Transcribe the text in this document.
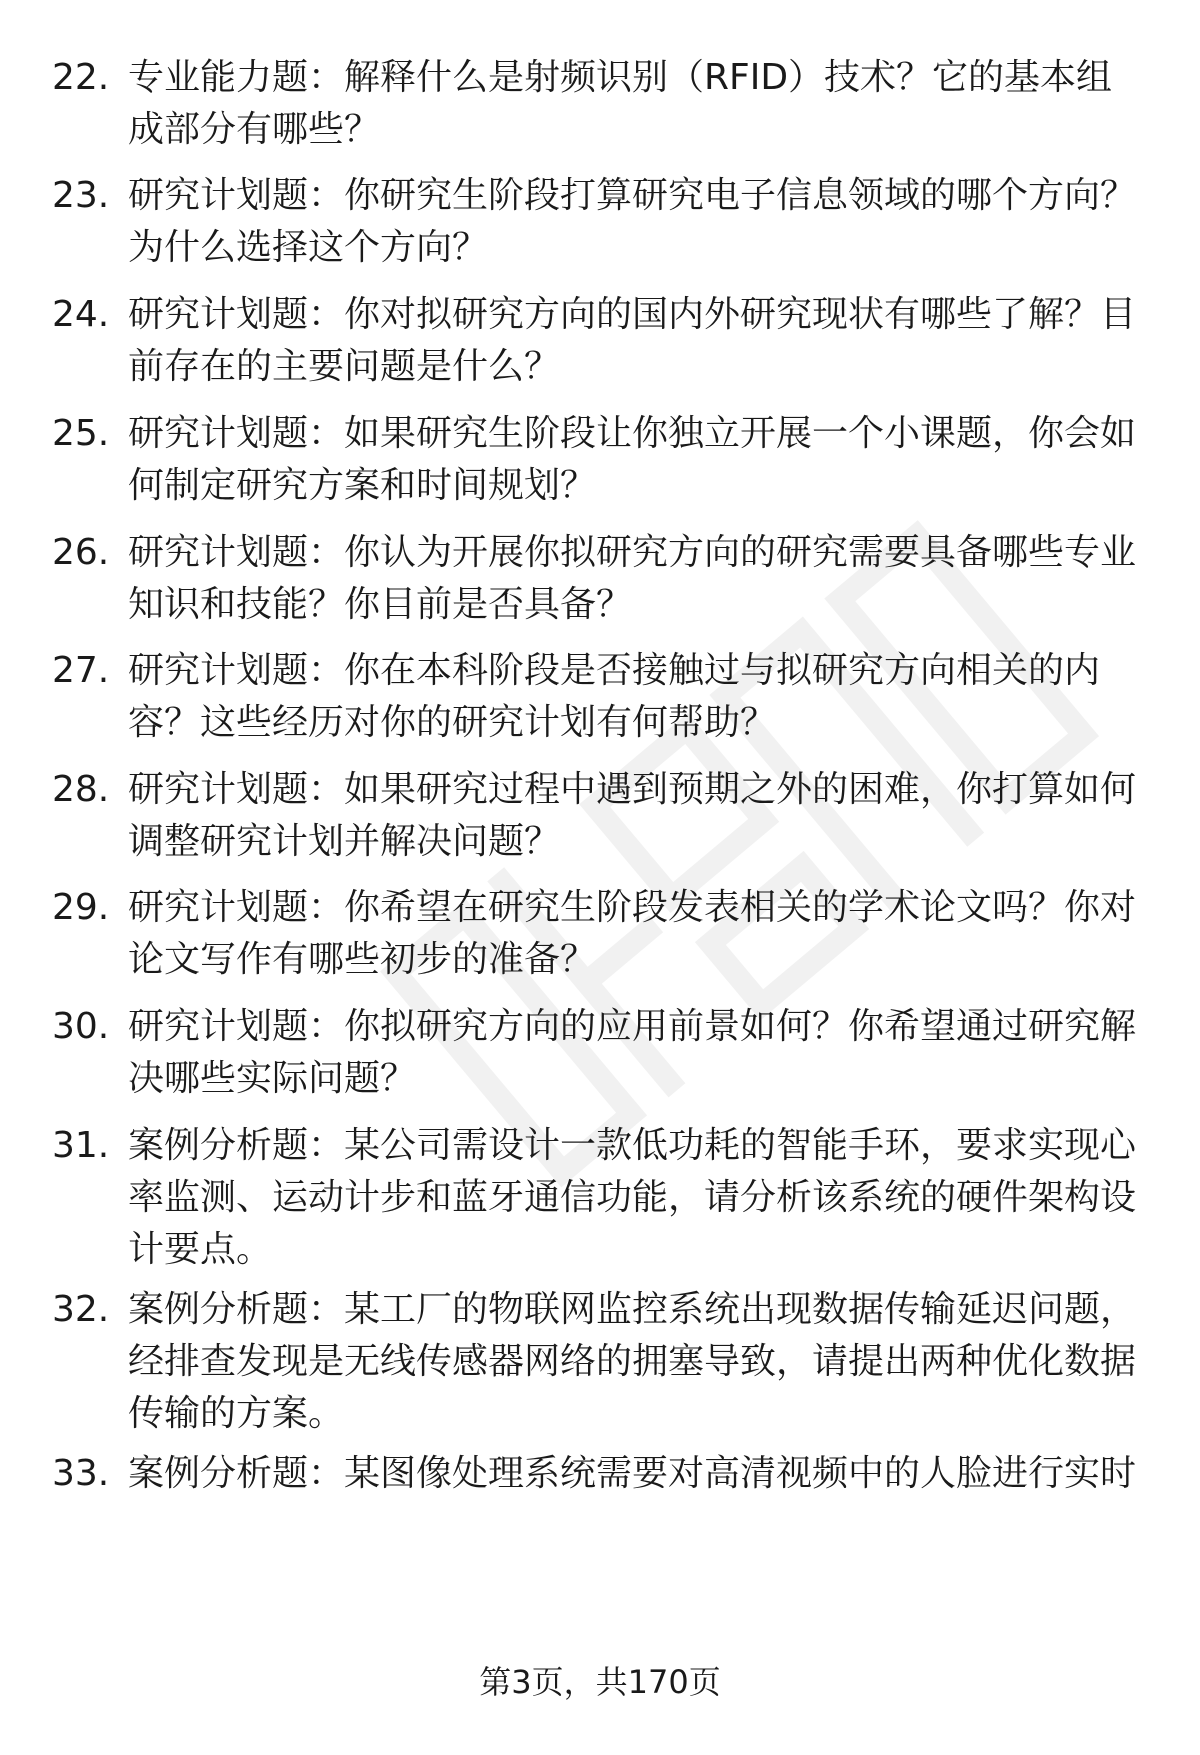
22. 专业能力题：解释什么是射频识别（RFID）技术？它的基本组成部分有哪些？
23. 研究计划题：你研究生阶段打算研究电子信息领域的哪个方向？为什么选择这个方向？
24. 研究计划题：你对拟研究方向的国内外研究现状有哪些了解？目前存在的主要问题是什么？
25. 研究计划题：如果研究生阶段让你独立开展一个小课题，你会如何制定研究方案和时间规划？
26. 研究计划题：你认为开展你拟研究方向的研究需要具备哪些专业知识和技能？你目前是否具备？
27. 研究计划题：你在本科阶段是否接触过与拟研究方向相关的内容？这些经历对你的研究计划有何帮助？
28. 研究计划题：如果研究过程中遇到预期之外的困难，你打算如何调整研究计划并解决问题？
29. 研究计划题：你希望在研究生阶段发表相关的学术论文吗？你对论文写作有哪些初步的准备？
30. 研究计划题：你拟研究方向的应用前景如何？你希望通过研究解决哪些实际问题？
31. 案例分析题：某公司需设计一款低功耗的智能手环，要求实现心率监测、运动计步和蓝牙通信功能，请分析该系统的硬件架构设计要点。
32. 案例分析题：某工厂的物联网监控系统出现数据传输延迟问题，经排查发现是无线传感器网络的拥塞导致，请提出两种优化数据传输的方案。
33. 案例分析题：某图像处理系统需要对高清视频中的人脸进行实时
第3页，共170页
